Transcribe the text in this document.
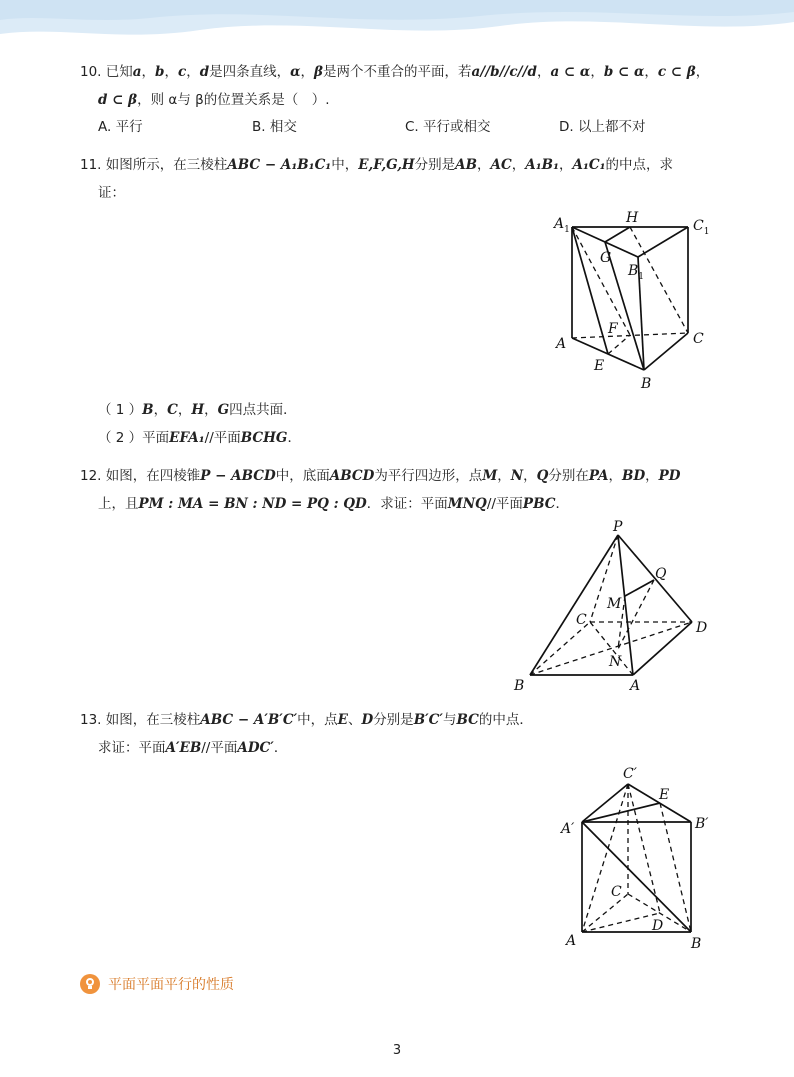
10. 已知a，b，c，d是四条直线，α，β是两个不重合的平面，若a//b//c//d，a ⊂ α，b ⊂ α，c ⊂ β，
d ⊂ β，则 α与 β的位置关系是（　）.
A. 平行	B. 相交	C. 平行或相交	D. 以上都不对
11. 如图所示，在三棱柱ABC − A₁B₁C₁中，E,F,G,H分别是AB，AC，A₁B₁，A₁C₁的中点，求
证：
$A_1$
H	$C_1$
G
$B_1$
F
A	C
E
B
（ 1 ）B，C，H，G四点共面．
（ 2 ）平面EFA₁//平面BCHG．
12. 如图，在四棱锥P − ABCD中，底面ABCD为平行四边形，点M，N，Q分别在PA，BD，PD
上，且PM : MA = BN : ND = PQ : QD．求证：平面MNQ//平面PBC．
P
Q
M
C	D
N
B	A
13. 如图，在三棱柱ABC − A′B′C′中，点E、D分别是B′C′与BC的中点．
求证：平面A′EB//平面ADC′．
C′
E
A′	B′
C
D
A	B
平面平面平行的性质
3
